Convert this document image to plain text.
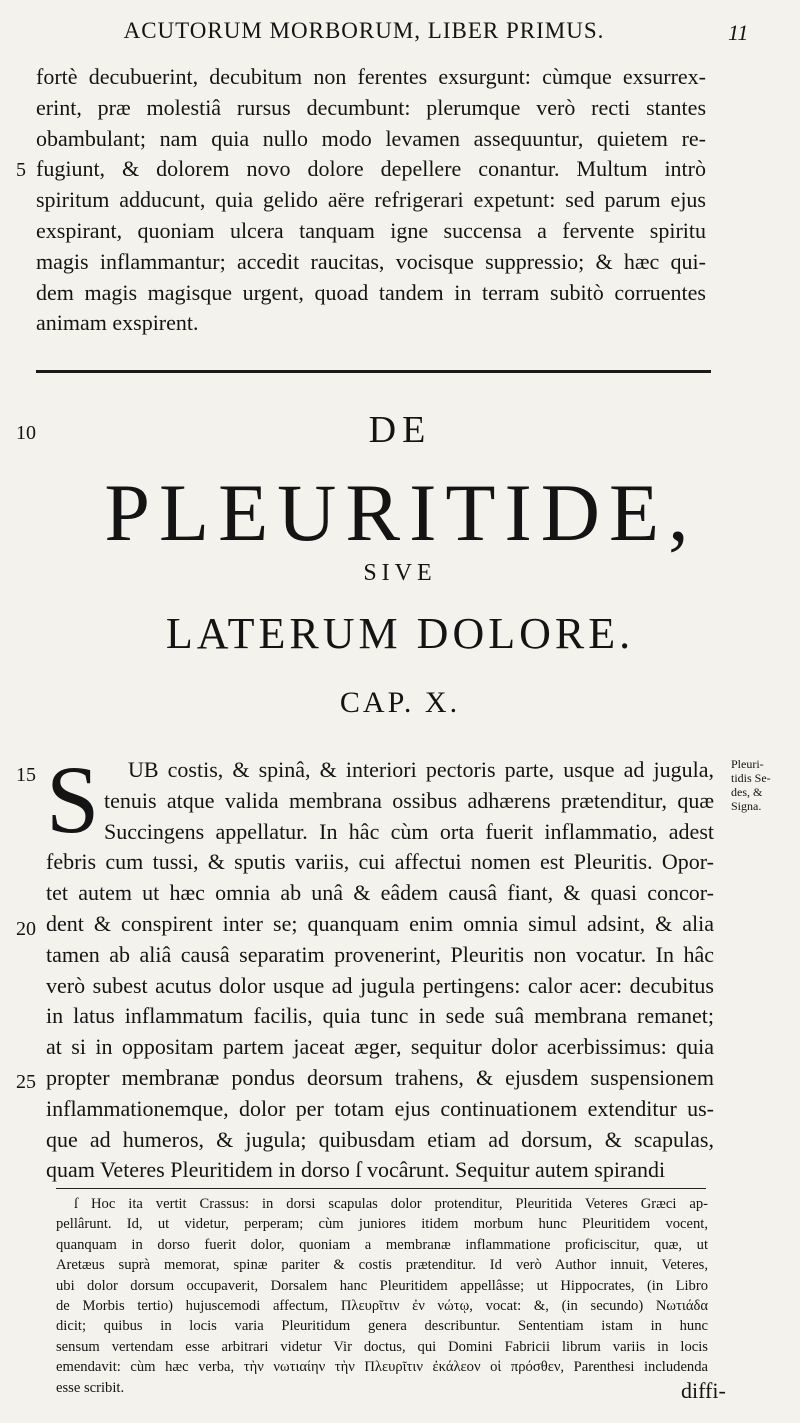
ACUTORUM MORBORUM, LIBER PRIMUS.	11
fortè decubuerint, decubitum non ferentes exsurgunt: cùmque exsurrex-
erint, præ molestiâ rursus decumbunt: plerumque verò recti stantes
obambulant; nam quia nullo modo levamen assequuntur, quietem re-
fugiunt, & dolorem novo dolore depellere conantur. Multum intrò
spiritum adducunt, quia gelido aëre refrigerari expetunt: sed parum ejus
exspirant, quoniam ulcera tanquam igne succensa a fervente spiritu
magis inflammantur; accedit raucitas, vocisque suppressio; & hæc qui-
dem magis magisque urgent, quoad tandem in terram subitò corruentes
animam exspirent.
5
10	DE
PLEURITIDE,
SIVE
LATERUM DOLORE.
CAP. X.
15 S	Pleuri-
tidis Se-
des, &
Signa.
UB costis, & spinâ, & interiori pectoris parte, usque ad jugula,
tenuis atque valida membrana ossibus adhærens prætenditur, quæ
Succingens appellatur. In hâc cùm orta fuerit inflammatio, adest
febris cum tussi, & sputis variis, cui affectui nomen est Pleuritis. Opor-
tet autem ut hæc omnia ab unâ & eâdem causâ fiant, & quasi concor-
dent & conspirent inter se; quanquam enim omnia simul adsint, & alia
tamen ab aliâ causâ separatim provenerint, Pleuritis non vocatur. In hâc
verò subest acutus dolor usque ad jugula pertingens: calor acer: decubitus
in latus inflammatum facilis, quia tunc in sede suâ membrana remanet;
at si in oppositam partem jaceat æger, sequitur dolor acerbissimus: quia
propter membranæ pondus deorsum trahens, & ejusdem suspensionem
inflammationemque, dolor per totam ejus continuationem extenditur us-
que ad humeros, & jugula; quibusdam etiam ad dorsum, & scapulas,
quam Veteres Pleuritidem in dorso ſ vocârunt. Sequitur autem spirandi
20
25
ſ Hoc ita vertit Crassus: in dorsi scapulas dolor protenditur, Pleuritida Veteres Græci ap-
pellârunt. Id, ut videtur, perperam; cùm juniores itidem morbum hunc Pleuritidem vocent,
quanquam in dorso fuerit dolor, quoniam a membranæ inflammatione proficiscitur, quæ, ut
Aretæus suprà memorat, spinæ pariter & costis prætenditur. Id verò Author innuit, Veteres,
ubi dolor dorsum occupaverit, Dorsalem hanc Pleuritidem appellâsse; ut Hippocrates, (in Libro
de Morbis tertio) hujuscemodi affectum, Πλευρῖτιν ἐν νώτῳ, vocat: &, (in secundo) Νωτιάδα
dicit; quibus in locis varia Pleuritidum genera describuntur. Sententiam istam in hunc
sensum vertendam esse arbitrari videtur Vir doctus, qui Domini Fabricii librum variis in locis
emendavit: cùm hæc verba, τὴν νωτιαίην τὴν Πλευρῖτιν ἐκάλεον οἱ πρόσθεν, Parenthesi includenda
esse scribit.	diffi-
